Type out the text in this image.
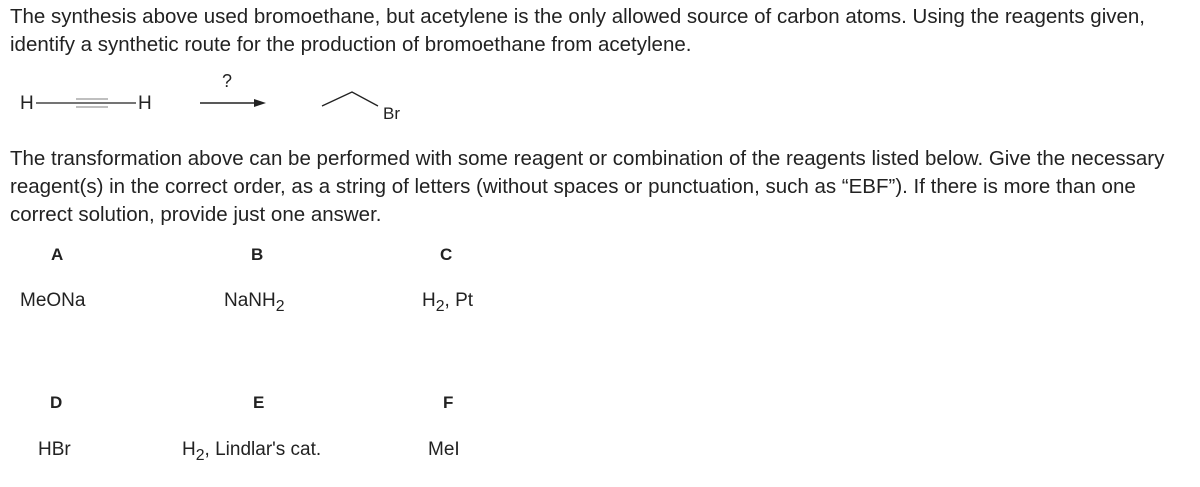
The synthesis above used bromoethane, but acetylene is the only allowed source of carbon atoms. Using the reagents given, identify a synthetic route for the production of bromoethane from acetylene.

H	H
?
Br

The transformation above can be performed with some reagent or combination of the reagents listed below. Give the necessary reagent(s) in the correct order, as a string of letters (without spaces or punctuation, such as “EBF”). If there is more than one correct solution, provide just one answer.

A	B	C
MeONa	NaNH$_2$	$H_2$, Pt
D	E	F
HBr	$H_2$, Lindlar's cat.	MeI
